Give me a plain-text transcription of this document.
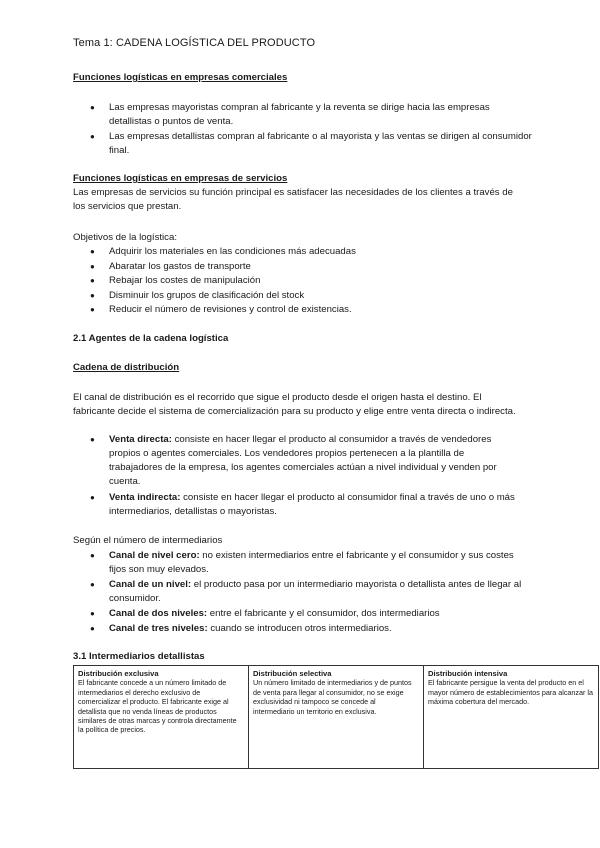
Tema 1: CADENA LOGÍSTICA DEL PRODUCTO
Funciones logísticas en empresas comerciales
● Las empresas mayoristas compran al fabricante y la reventa se dirige hacia las empresas detallistas o puntos de venta.
● Las empresas detallistas compran al fabricante o al mayorista y las ventas se dirigen al consumidor final.
Funciones logísticas en empresas de servicios
Las empresas de servicios su función principal es satisfacer las necesidades de los clientes a través de los servicios que prestan.
Objetivos de la logística:
● Adquirir los materiales en las condiciones más adecuadas
● Abaratar los gastos de transporte
● Rebajar los costes de manipulación
● Disminuir los grupos de clasificación del stock
● Reducir el número de revisiones y control de existencias.
2.1 Agentes de la cadena logística
Cadena de distribución
El canal de distribución es el recorrido que sigue el producto desde el origen hasta el destino. El fabricante decide el sistema de comercialización para su producto y elige entre venta directa o indirecta.
● Venta directa: consiste en hacer llegar el producto al consumidor a través de vendedores propios o agentes comerciales. Los vendedores propios pertenecen a la plantilla de trabajadores de la empresa, los agentes comerciales actúan a nivel individual y venden por cuenta.
● Venta indirecta: consiste en hacer llegar el producto al consumidor final a través de uno o más intermediarios, detallistas o mayoristas.
Según el número de intermediarios
● Canal de nivel cero: no existen intermediarios entre el fabricante y el consumidor y sus costes fijos son muy elevados.
● Canal de un nivel: el producto pasa por un intermediario mayorista o detallista antes de llegar al consumidor.
● Canal de dos niveles: entre el fabricante y el consumidor, dos intermediarios
● Canal de tres niveles: cuando se introducen otros intermediarios.
3.1 Intermediarios detallistas
Distribución exclusiva
El fabricante concede a un número limitado de intermediarios el derecho exclusivo de comercializar el producto. El fabricante exige al detallista que no venda líneas de productos similares de otras marcas y controla directamente la política de precios.

Distribución selectiva
Un número limitado de intermediarios y de puntos de venta para llegar al consumidor, no se exige exclusividad ni tampoco se concede al intermediario un territorio en exclusiva.

Distribución intensiva
El fabricante persigue la venta del producto en el mayor número de establecimientos para alcanzar la máxima cobertura del mercado.
